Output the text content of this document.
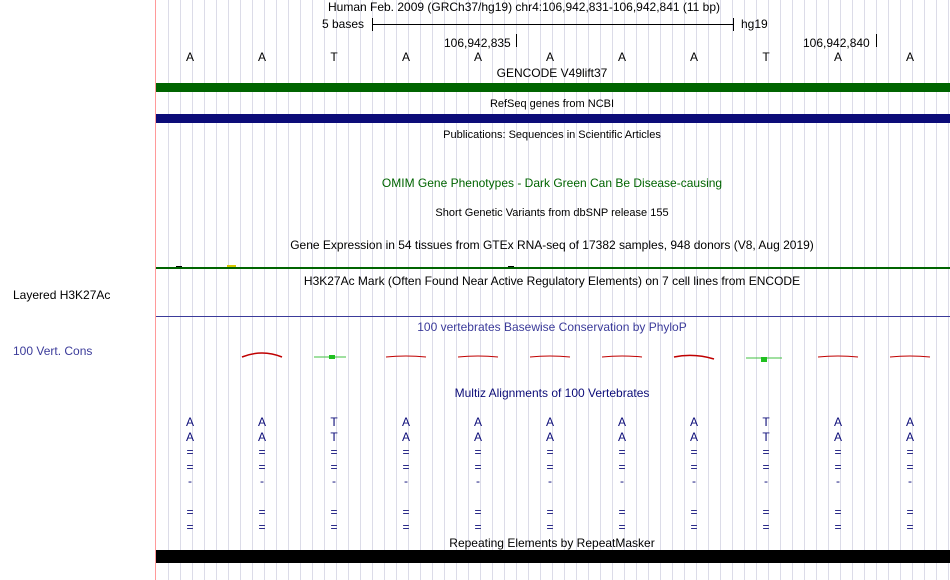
Human Feb. 2009 (GRCh37/hg19) chr4:106,942,831-106,942,841 (11 bp)
5 bases	hg19
106,942,835	106,942,840
A	A	T	A	A	A	A	A	T	A	A
GENCODE V49lift37
RefSeq genes from NCBI
Publications: Sequences in Scientific Articles
OMIM Gene Phenotypes - Dark Green Can Be Disease-causing
Short Genetic Variants from dbSNP release 155
Gene Expression in 54 tissues from GTEx RNA-seq of 17382 samples, 948 donors (V8, Aug 2019)
H3K27Ac Mark (Often Found Near Active Regulatory Elements) on 7 cell lines from ENCODE
100 vertebrates Basewise Conservation by PhyloP
Multiz Alignments of 100 Vertebrates
A	A	T	A	A	A	A	A	T	A	A
A	A	T	A	A	A	A	A	T	A	A
=	=	=	=	=	=	=	=	=	=	=
=	=	=	=	=	=	=	=	=	=	=
-	-	-	-	-	-	-	-	-	-	-
=	=	=	=	=	=	=	=	=	=	=
=	=	=	=	=	=	=	=	=	=	=
Repeating Elements by RepeatMasker
Layered H3K27Ac
100 Vert. Cons
